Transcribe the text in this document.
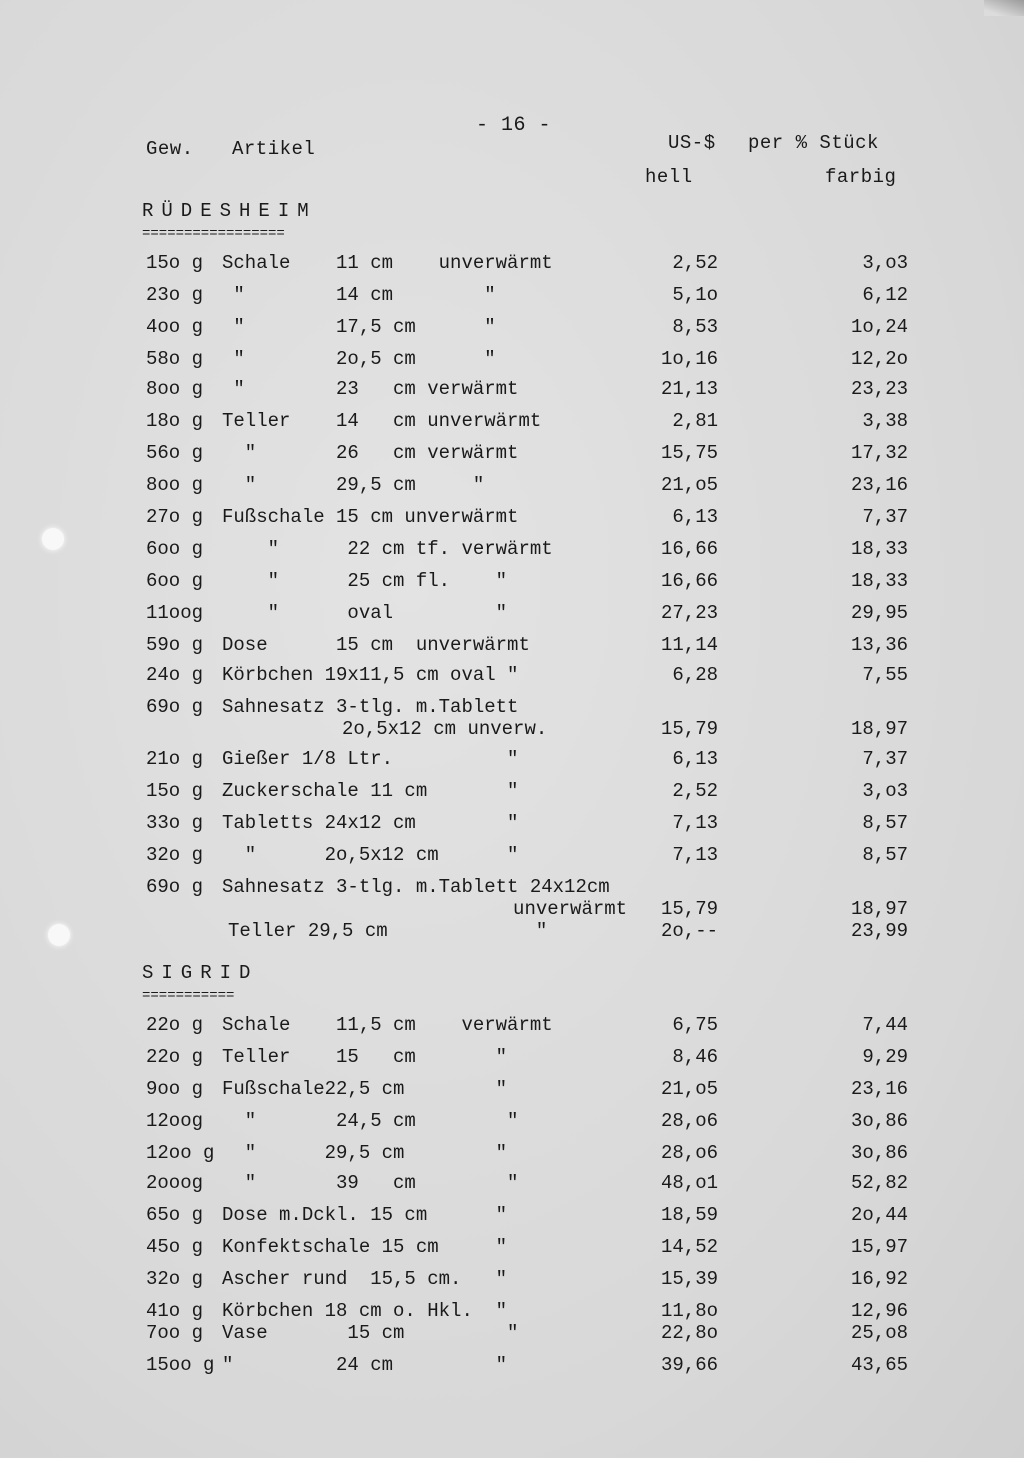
- 16 -
Gew. Artikel	US-$ per % Stück
hell	farbig
RÜDESHEIM
=================
15o g Schale    11 cm    unverwärmt	2,52	3,o3
23o g "        14 cm        "	5,1o	6,12
4oo g "        17,5 cm      "	8,53	1o,24
58o g "        2o,5 cm      "	1o,16	12,2o
8oo g "        23   cm verwärmt	21,13	23,23
18o g Teller    14   cm unverwärmt	2,81	3,38
56o g "       26   cm verwärmt	15,75	17,32
8oo g "       29,5 cm     "	21,o5	23,16
27o g Fußschale 15 cm unverwärmt	6,13	7,37
6oo g "      22 cm tf. verwärmt	16,66	18,33
6oo g "      25 cm fl.    "	16,66	18,33
11oog "      oval         "	27,23	29,95
59o g Dose      15 cm  unverwärmt	11,14	13,36
24o g Körbchen 19x11,5 cm oval "	6,28	7,55
69o g Sahnesatz 3-tlg. m.Tablett
2o,5x12 cm unverw.	15,79	18,97
21o g Gießer 1/8 Ltr.          "	6,13	7,37
15o g Zuckerschale 11 cm       "	2,52	3,o3
33o g Tabletts 24x12 cm        "	7,13	8,57
32o g "      2o,5x12 cm      "	7,13	8,57
69o g Sahnesatz 3-tlg. m.Tablett 24x12cm
unverwärmt	15,79	18,97
Teller 29,5 cm             "	2o,--	23,99
SIGRID
===========
22o g Schale    11,5 cm    verwärmt	6,75	7,44
22o g Teller    15   cm       "	8,46	9,29
9oo g Fußschale22,5 cm        "	21,o5	23,16
12oog "       24,5 cm        "	28,o6	3o,86
12oo g "      29,5 cm        "	28,o6	3o,86
2ooog "       39   cm        "	48,o1	52,82
65o g Dose m.Dckl. 15 cm      "	18,59	2o,44
45o g Konfektschale 15 cm     "	14,52	15,97
32o g Ascher rund  15,5 cm.   "	15,39	16,92
41o g Körbchen 18 cm o. Hkl.  "	11,8o	12,96
7oo g Vase       15 cm         "	22,8o	25,o8
15oo g "         24 cm         "	39,66	43,65
